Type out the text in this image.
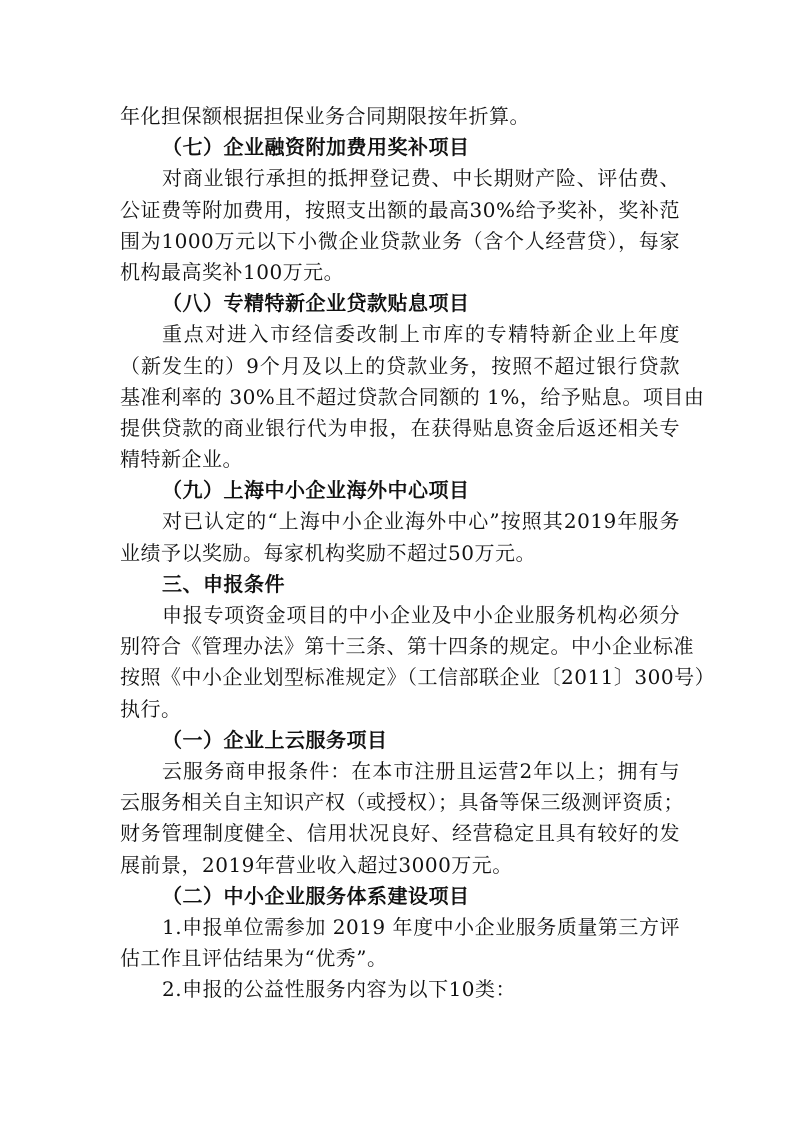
年化担保额根据担保业务合同期限按年折算。
（七）企业融资附加费用奖补项目
对商业银行承担的抵押登记费、中长期财产险、评估费、
公证费等附加费用，按照支出额的最高30%给予奖补，奖补范
围为1000万元以下小微企业贷款业务（含个人经营贷），每家
机构最高奖补100万元。
（八）专精特新企业贷款贴息项目
重点对进入市经信委改制上市库的专精特新企业上年度
（新发生的）9个月及以上的贷款业务，按照不超过银行贷款
基准利率的 30%且不超过贷款合同额的 1%，给予贴息。项目由
提供贷款的商业银行代为申报，在获得贴息资金后返还相关专
精特新企业。
（九）上海中小企业海外中心项目
对已认定的“上海中小企业海外中心”按照其2019年服务
业绩予以奖励。每家机构奖励不超过50万元。
三、申报条件
申报专项资金项目的中小企业及中小企业服务机构必须分
别符合《管理办法》第十三条、第十四条的规定。中小企业标准
按照《中小企业划型标准规定》（工信部联企业〔2011〕300号）
执行。
（一）企业上云服务项目
云服务商申报条件：在本市注册且运营2年以上；拥有与
云服务相关自主知识产权（或授权）；具备等保三级测评资质；
财务管理制度健全、信用状况良好、经营稳定且具有较好的发
展前景，2019年营业收入超过3000万元。
（二）中小企业服务体系建设项目
1.申报单位需参加 2019 年度中小企业服务质量第三方评
估工作且评估结果为“优秀”。
2.申报的公益性服务内容为以下10类：
